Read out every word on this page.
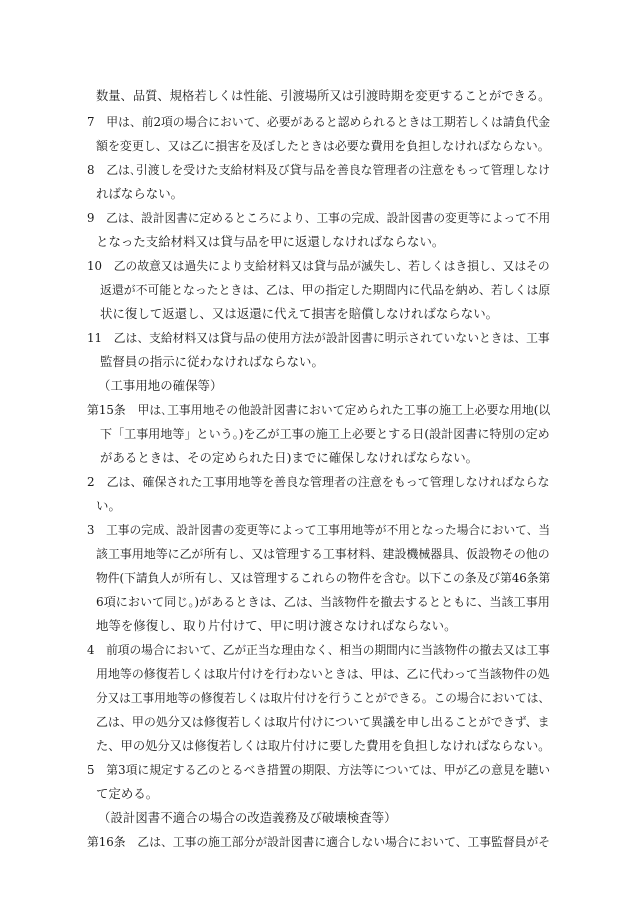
数量、品質、規格若しくは性能、引渡場所又は引渡時期を変更することができる。

7　甲は、前2項の場合において、必要があると認められるときは工期若しくは請負代金

額を変更し、又は乙に損害を及ぼしたときは必要な費用を負担しなければならない。

8　乙は､引渡しを受けた支給材料及び貸与品を善良な管理者の注意をもって管理しなけ

ればならない。

9　乙は、設計図書に定めるところにより、工事の完成、設計図書の変更等によって不用

となった支給材料又は貸与品を甲に返還しなければならない。

10　乙の故意又は過失により支給材料又は貸与品が滅失し、若しくはき損し、又はその

返還が不可能となったときは、乙は、甲の指定した期間内に代品を納め、若しくは原

状に復して返還し、又は返還に代えて損害を賠償しなければならない。

11　乙は、支給材料又は貸与品の使用方法が設計図書に明示されていないときは、工事

監督員の指示に従わなければならない。

（工事用地の確保等）

第15条　甲は､工事用地その他設計図書において定められた工事の施工上必要な用地(以

下「工事用地等」という。)を乙が工事の施工上必要とする日(設計図書に特別の定め

があるときは、その定められた日)までに確保しなければならない。

2　乙は、確保された工事用地等を善良な管理者の注意をもって管理しなければならな

い。

3　工事の完成、設計図書の変更等によって工事用地等が不用となった場合において、当

該工事用地等に乙が所有し、又は管理する工事材料、建設機械器具、仮設物その他の

物件(下請負人が所有し、又は管理するこれらの物件を含む。以下この条及び第46条第

6項において同じ。)があるときは、乙は、当該物件を撤去するとともに、当該工事用

地等を修復し、取り片付けて、甲に明け渡さなければならない。

4　前項の場合において、乙が正当な理由なく、相当の期間内に当該物件の撤去又は工事

用地等の修復若しくは取片付けを行わないときは、甲は、乙に代わって当該物件の処

分又は工事用地等の修復若しくは取片付けを行うことができる。この場合においては、

乙は、甲の処分又は修復若しくは取片付けについて異議を申し出ることができず、ま

た、甲の処分又は修復若しくは取片付けに要した費用を負担しなければならない。

5　第3項に規定する乙のとるべき措置の期限、方法等については、甲が乙の意見を聴い

て定める。

（設計図書不適合の場合の改造義務及び破壊検査等）

第16条　乙は、工事の施工部分が設計図書に適合しない場合において、工事監督員がそ
